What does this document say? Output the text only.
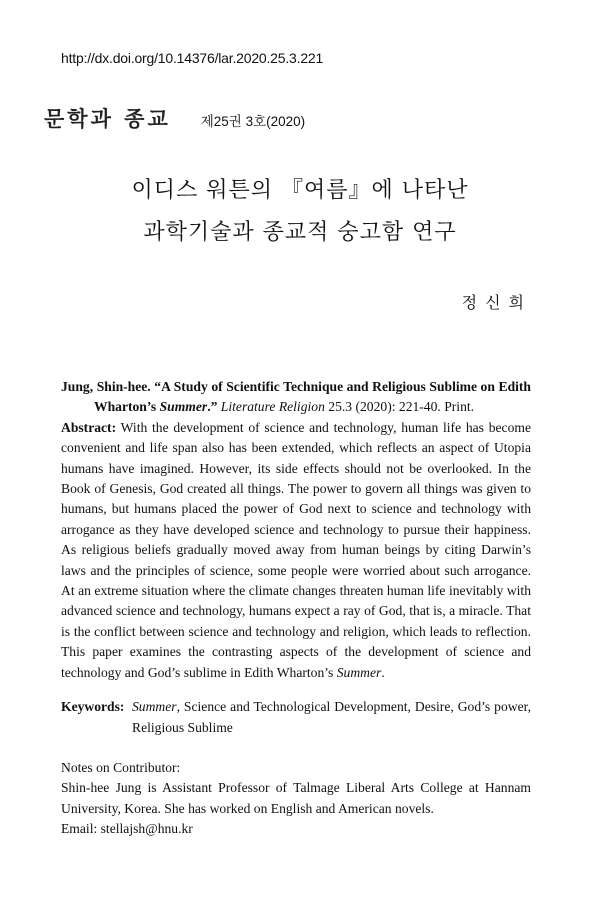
http://dx.doi.org/10.14376/lar.2020.25.3.221
문학과 종교 제25권 3호(2020)
이디스 워튼의 『여름』에 나타난
과학기술과 종교적 숭고함 연구
정신희
Jung, Shin-hee. “A Study of Scientific Technique and Religious Sublime on Edith Wharton’s Summer.” Literature Religion 25.3 (2020): 221-40. Print.
Abstract: With the development of science and technology, human life has become convenient and life span also has been extended, which reflects an aspect of Utopia humans have imagined. However, its side effects should not be overlooked. In the Book of Genesis, God created all things. The power to govern all things was given to humans, but humans placed the power of God next to science and technology with arrogance as they have developed science and technology to pursue their happiness. As religious beliefs gradually moved away from human beings by citing Darwin’s laws and the principles of science, some people were worried about such arrogance. At an extreme situation where the climate changes threaten human life inevitably with advanced science and technology, humans expect a ray of God, that is, a miracle. That is the conflict between science and technology and religion, which leads to reflection. This paper examines the contrasting aspects of the development of science and technology and God’s sublime in Edith Wharton’s Summer.
Keywords: Summer, Science and Technological Development, Desire, God’s power, Religious Sublime
Notes on Contributor:
Shin-hee Jung is Assistant Professor of Talmage Liberal Arts College at Hannam University, Korea. She has worked on English and American novels.
Email: stellajsh@hnu.kr
